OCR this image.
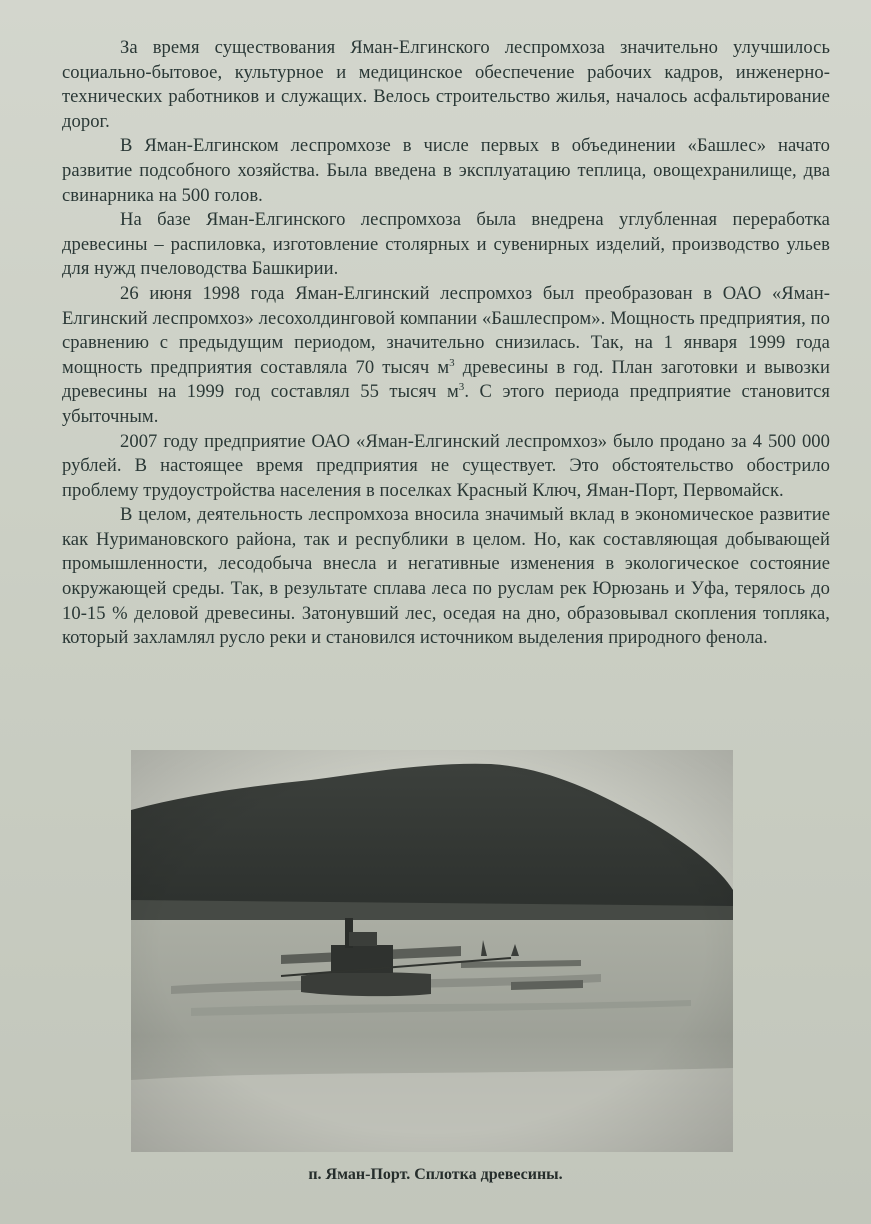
За время существования Яман-Елгинского леспромхоза значительно улучшилось социально-бытовое, культурное и медицинское обеспечение рабочих кадров, инженерно-технических работников и служащих. Велось строительство жилья, началось асфальтирование дорог.

В Яман-Елгинском леспромхозе в числе первых в объединении «Башлес» начато развитие подсобного хозяйства. Была введена в эксплуатацию теплица, овощехранилище, два свинарника на 500 голов.

На базе Яман-Елгинского леспромхоза была внедрена углубленная переработка древесины – распиловка, изготовление столярных и сувенирных изделий, производство ульев для нужд пчеловодства Башкирии.

26 июня 1998 года Яман-Елгинский леспромхоз был преобразован в ОАО «Яман-Елгинский леспромхоз» лесохолдинговой компании «Башлеспром». Мощность предприятия, по сравнению с предыдущим периодом, значительно снизилась. Так, на 1 января 1999 года мощность предприятия составляла 70 тысяч $м^3$ древесины в год. План заготовки и вывозки древесины на 1999 год составлял 55 тысяч $м^3$. С этого периода предприятие становится убыточным.

2007 году предприятие ОАО «Яман-Елгинский леспромхоз» было продано за 4 500 000 рублей. В настоящее время предприятия не существует. Это обстоятельство обострило проблему трудоустройства населения в поселках Красный Ключ, Яман-Порт, Первомайск.

В целом, деятельность леспромхоза вносила значимый вклад в экономическое развитие как Нуримановского района, так и республики в целом. Но, как составляющая добывающей промышленности, лесодобыча внесла и негативные изменения в экологическое состояние окружающей среды. Так, в результате сплава леса по руслам рек Юрюзань и Уфа, терялось до 10-15 % деловой древесины. Затонувший лес, оседая на дно, образовывал скопления топляка, который захламлял русло реки и становился источником выделения природного фенола.

п. Яман-Порт. Сплотка древесины.
